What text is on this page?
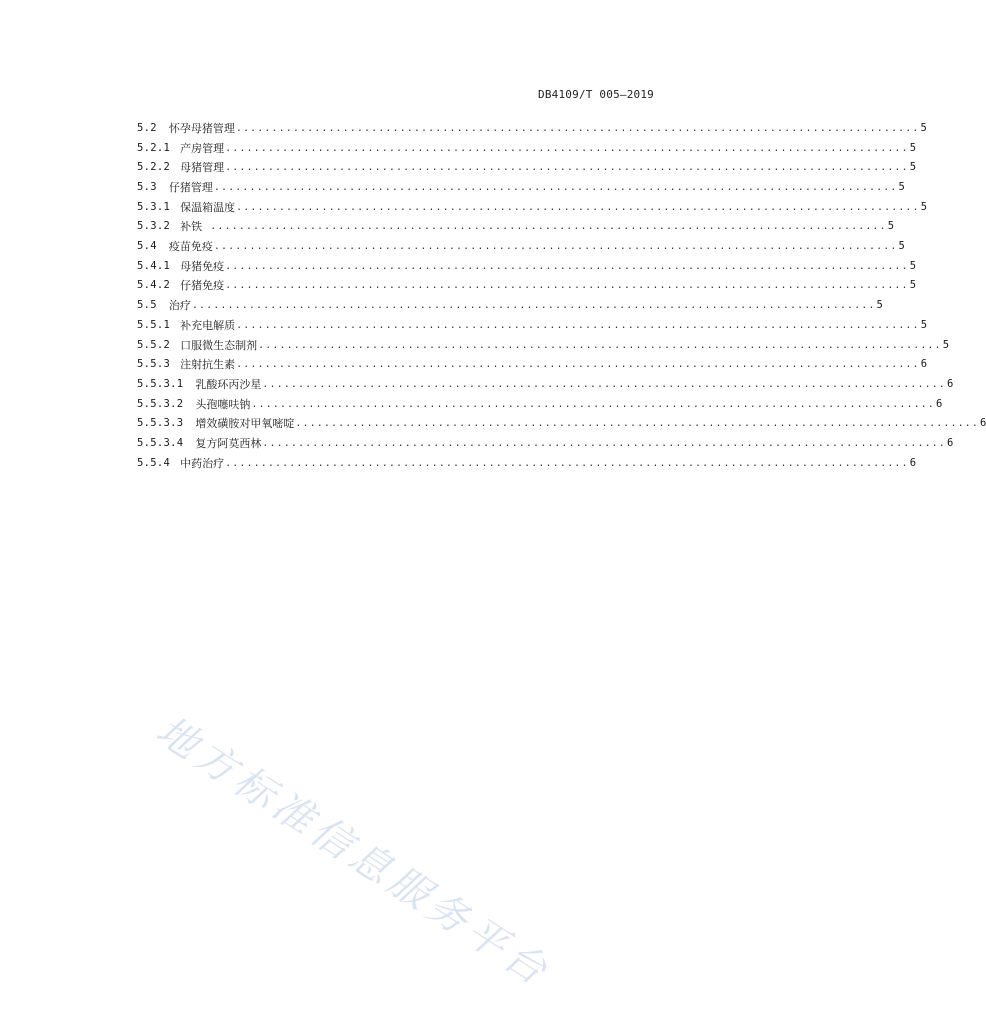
DB4109/T 005—2019
5.2 怀孕母猪管理 ................................................................................................ 5
5.2.1 产房管理 ................................................................................................ 5
5.2.2 母猪管理 ................................................................................................ 5
5.3 仔猪管理 ................................................................................................ 5
5.3.1 保温箱温度 ................................................................................................ 5
5.3.2 补铁 ............................................................................................... 5
5.4 疫苗免疫 ................................................................................................ 5
5.4.1 母猪免疫 ................................................................................................ 5
5.4.2 仔猪免疫 ................................................................................................ 5
5.5 治疗 ................................................................................................ 5
5.5.1 补充电解质 ................................................................................................ 5
5.5.2 口服微生态制剂 ................................................................................................ 5
5.5.3 注射抗生素 ................................................................................................ 6
5.5.3.1 乳酸环丙沙星 ................................................................................................ 6
5.5.3.2 头孢噻呋钠 ................................................................................................ 6
5.5.3.3 增效磺胺对甲氧嘧啶 ................................................................................................ 6
5.5.3.4 复方阿莫西林 ................................................................................................ 6
5.5.4 中药治疗 ................................................................................................ 6
地方标准信息服务平台
